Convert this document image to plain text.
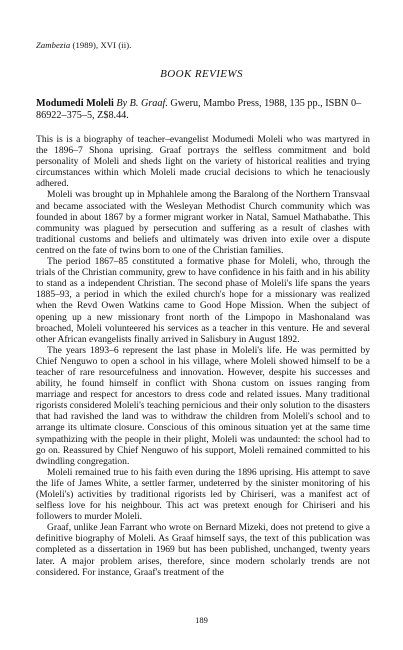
Zambezia (1989), XVI (ii).
BOOK REVIEWS
Modumedi Moleli By B. Graaf. Gweru, Mambo Press, 1988, 135 pp., ISBN 0–86922–375–5, Z$8.44.

This is is a biography of teacher–evangelist Modumedi Moleli who was martyred in the 1896–7 Shona uprising. Graaf portrays the selfless commitment and bold personality of Moleli and sheds light on the variety of historical realities and trying circumstances within which Moleli made crucial decisions to which he tenaciously adhered.

Moleli was brought up in Mphahlele among the Baralong of the Northern Transvaal and became associated with the Wesleyan Methodist Church community which was founded in about 1867 by a former migrant worker in Natal, Samuel Mathabathe. This community was plagued by persecution and suffering as a result of clashes with traditional customs and beliefs and ultimately was driven into exile over a dispute centred on the fate of twins born to one of the Christian families.

The period 1867–85 constituted a formative phase for Moleli, who, through the trials of the Christian community, grew to have confidence in his faith and in his ability to stand as a independent Christian. The second phase of Moleli's life spans the years 1885–93, a period in which the exiled church's hope for a missionary was realized when the Revd Owen Watkins came to Good Hope Mission. When the subject of opening up a new missionary front north of the Limpopo in Mashonaland was broached, Moleli volunteered his services as a teacher in this venture. He and several other African evangelists finally arrived in Salisbury in August 1892.

The years 1893–6 represent the last phase in Moleli's life. He was permitted by Chief Nenguwo to open a school in his village, where Moleli showed himself to be a teacher of rare resourcefulness and innovation. However, despite his successes and ability, he found himself in conflict with Shona custom on issues ranging from marriage and respect for ancestors to dress code and related issues. Many traditional rigorists considered Moleli's teaching pernicious and their only solution to the disasters that had ravished the land was to withdraw the children from Moleli's school and to arrange its ultimate closure. Conscious of this ominous situation yet at the same time sympathizing with the people in their plight, Moleli was undaunted: the school had to go on. Reassured by Chief Nenguwo of his support, Moleli remained committed to his dwindling congregation.

Moleli remained true to his faith even during the 1896 uprising. His attempt to save the life of James White, a settler farmer, undeterred by the sinister monitoring of his (Moleli's) activities by traditional rigorists led by Chiriseri, was a manifest act of selfless love for his neighbour. This act was pretext enough for Chiriseri and his followers to murder Moleli.

Graaf, unlike Jean Farrant who wrote on Bernard Mizeki, does not pretend to give a definitive biography of Moleli. As Graaf himself says, the text of this publication was completed as a dissertation in 1969 but has been published, unchanged, twenty years later. A major problem arises, therefore, since modern scholarly trends are not considered. For instance, Graaf's treatment of the

189
